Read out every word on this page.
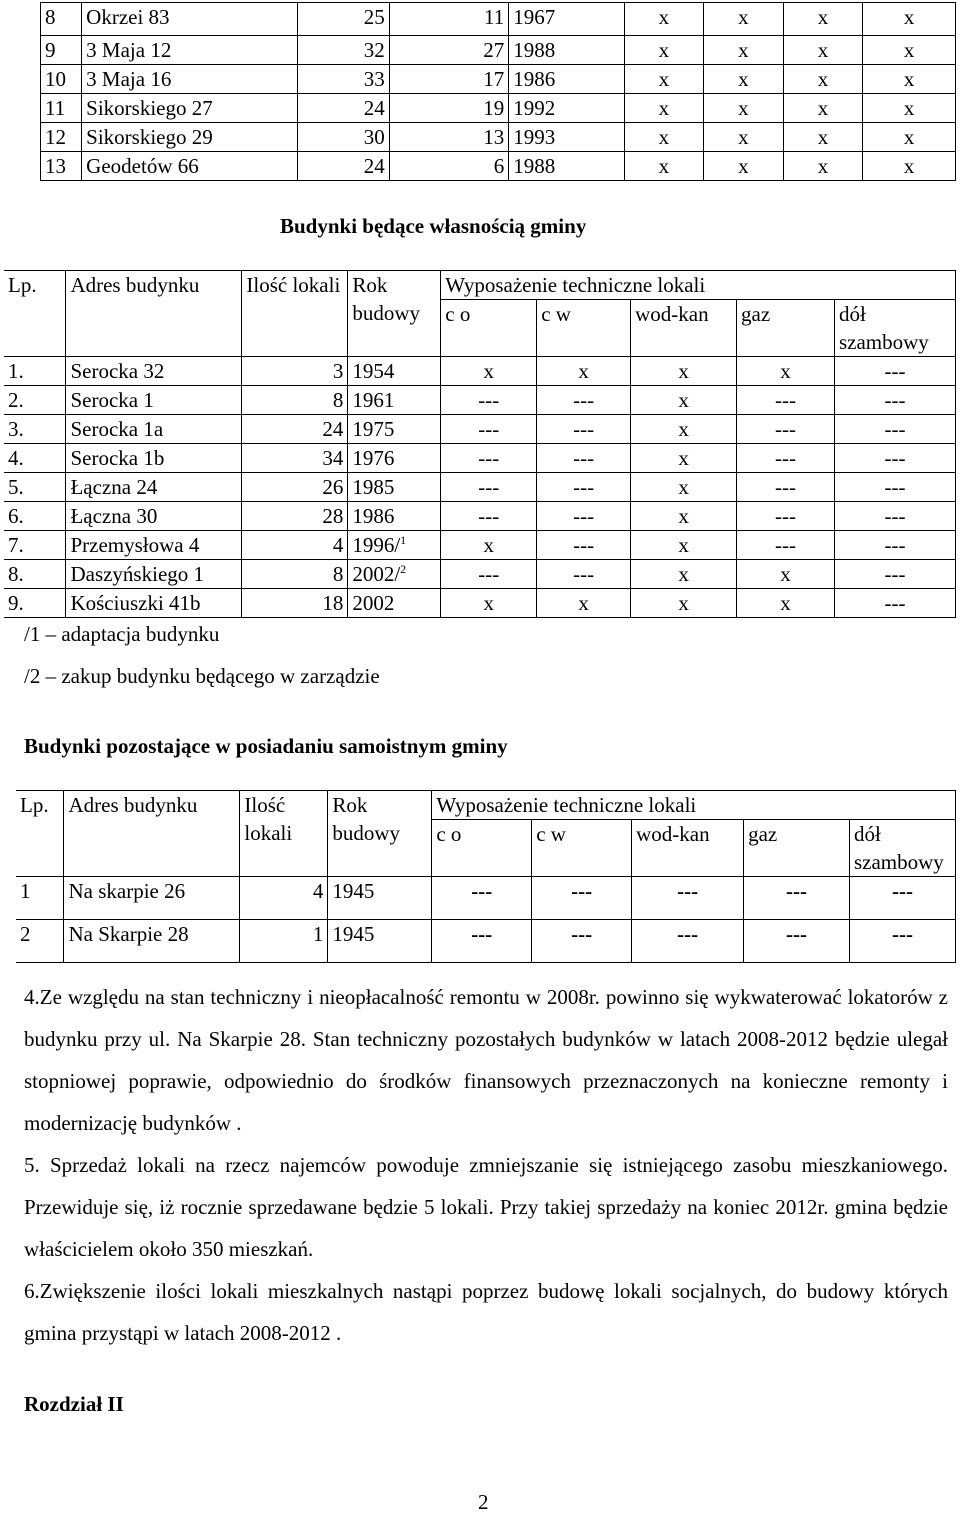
8	Okrzei 83	25	11	1967	x	x	x	x
9	3 Maja 12	32	27	1988	x	x	x	x
10	3 Maja 16	33	17	1986	x	x	x	x
11	Sikorskiego 27	24	19	1992	x	x	x	x
12	Sikorskiego 29	30	13	1993	x	x	x	x
13	Geodetów 66	24	6	1988	x	x	x	x
Budynki będące własnością gminy
Lp.	Adres budynku	Ilość lokali	Rok budowy	Wyposażenie techniczne lokali				
				c o	c w	wod-kan	gaz	dół szambowy
1.	Serocka 32	3	1954	x	x	x	x	---
2.	Serocka 1	8	1961	---	---	x	---	---
3.	Serocka 1a	24	1975	---	---	x	---	---
4.	Serocka 1b	34	1976	---	---	x	---	---
5.	Łączna 24	26	1985	---	---	x	---	---
6.	Łączna 30	28	1986	---	---	x	---	---
7.	Przemysłowa 4	4	1996/$^1$	x	---	x	---	---
8.	Daszyńskiego 1	8	2002/$^2$	---	---	x	x	---
9.	Kościuszki 41b	18	2002	x	x	x	x	---
/1 – adaptacja budynku
/2 – zakup budynku będącego w zarządzie
Budynki pozostające w posiadaniu samoistnym gminy
Lp.	Adres budynku	Ilość lokali	Rok budowy	Wyposażenie techniczne lokali				
				c o	c w	wod-kan	gaz	dół szambowy
1	Na skarpie 26	4	1945	---	---	---	---	---
2	Na Skarpie 28	1	1945	---	---	---	---	---

4.Ze względu na stan techniczny i nieopłacalność remontu w 2008r. powinno się wykwaterować lokatorów z budynku przy ul. Na Skarpie 28. Stan techniczny pozostałych budynków w latach 2008-2012 będzie ulegał stopniowej poprawie, odpowiednio do środków finansowych przeznaczonych na konieczne remonty i modernizację budynków .

5. Sprzedaż lokali na rzecz najemców powoduje zmniejszanie się istniejącego zasobu mieszkaniowego. Przewiduje się, iż rocznie sprzedawane będzie 5 lokali. Przy takiej sprzedaży na koniec 2012r. gmina będzie właścicielem około 350 mieszkań.

6.Zwiększenie ilości lokali mieszkalnych nastąpi poprzez budowę lokali socjalnych, do budowy których gmina przystąpi w latach 2008-2012 .

Rozdział II
2
